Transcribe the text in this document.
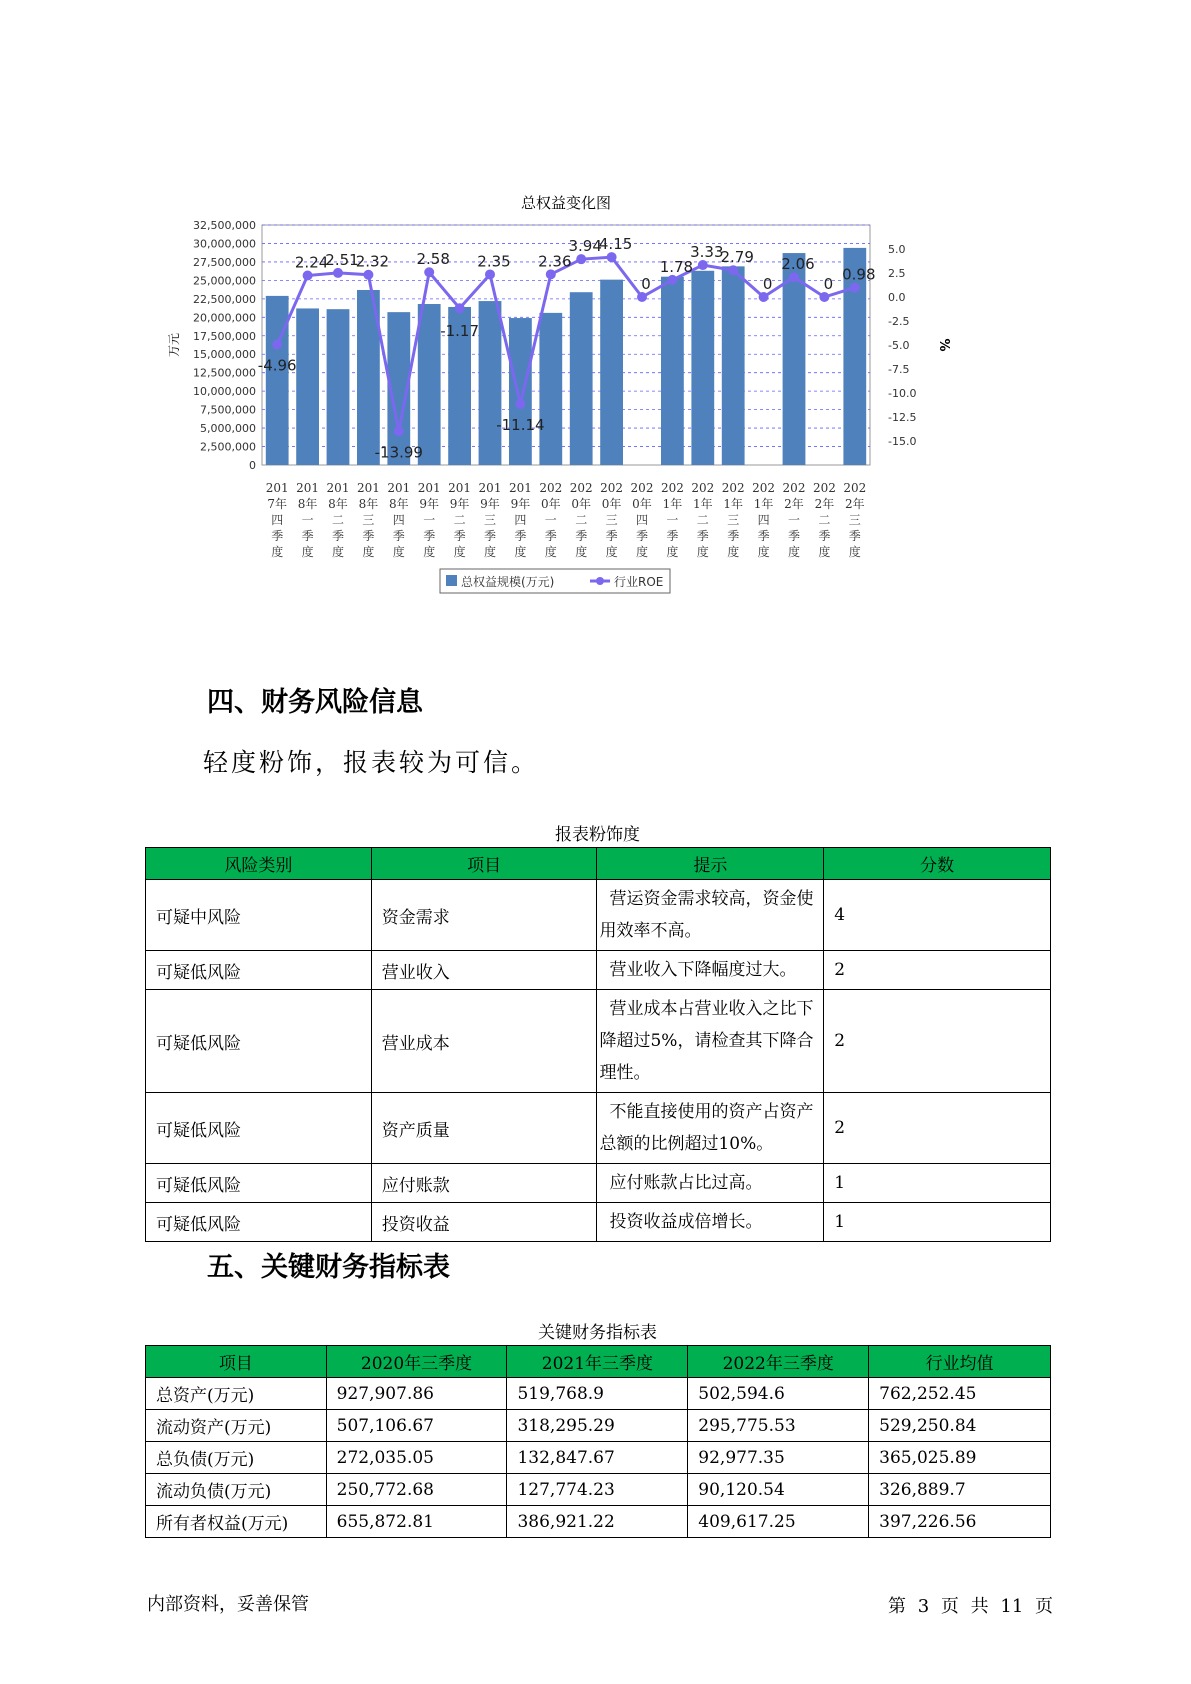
总权益变化图
0
2,500,000
5,000,000
7,500,000
10,000,000
12,500,000
15,000,000
17,500,000
20,000,000
22,500,000
25,000,000
27,500,000
30,000,000
32,500,000
-15.0
-12.5
-10.0
-7.5
-5.0
-2.5
0.0
2.5
5.0
万元	%
-4.96
2.24
2.51
2.32
-13.99
2.58
-1.17
2.35
-11.14
2.36
3.94
4.15
0
1.78
3.33
2.79
0
2.06
0
0.98
201
7年
四
季
度
201
8年
一
季
度
201
8年
二
季
度
201
8年
三
季
度
201
8年
四
季
度
201
9年
一
季
度
201
9年
二
季
度
201
9年
三
季
度
201
9年
四
季
度
202
0年
一
季
度
202
0年
二
季
度
202
0年
三
季
度
202
0年
四
季
度
202
1年
一
季
度
202
1年
二
季
度
202
1年
三
季
度
202
1年
四
季
度
202
2年
一
季
度
202
2年
二
季
度
202
2年
三
季
度
总权益规模(万元)	行业ROE
四、财务风险信息

轻度粉饰，报表较为可信。

报表粉饰度
风险类别	项目	提示	分数
可疑中风险	资金需求	营运资金需求较高，资金使用效率不高。	4
可疑低风险	营业收入	营业收入下降幅度过大。	2
可疑低风险	营业成本	营业成本占营业收入之比下降超过5%，请检查其下降合理性。	2
可疑低风险	资产质量	不能直接使用的资产占资产总额的比例超过10%。	2
可疑低风险	应付账款	应付账款占比过高。	1
可疑低风险	投资收益	投资收益成倍增长。	1
五、关键财务指标表
关键财务指标表
项目	2020年三季度	2021年三季度	2022年三季度	行业均值
总资产(万元)	927,907.86	519,768.9	502,594.6	762,252.45
流动资产(万元)	507,106.67	318,295.29	295,775.53	529,250.84
总负债(万元)	272,035.05	132,847.67	92,977.35	365,025.89
流动负债(万元)	250,772.68	127,774.23	90,120.54	326,889.7
所有者权益(万元)	655,872.81	386,921.22	409,617.25	397,226.56
内部资料，妥善保管	第 3 页 共 11 页
